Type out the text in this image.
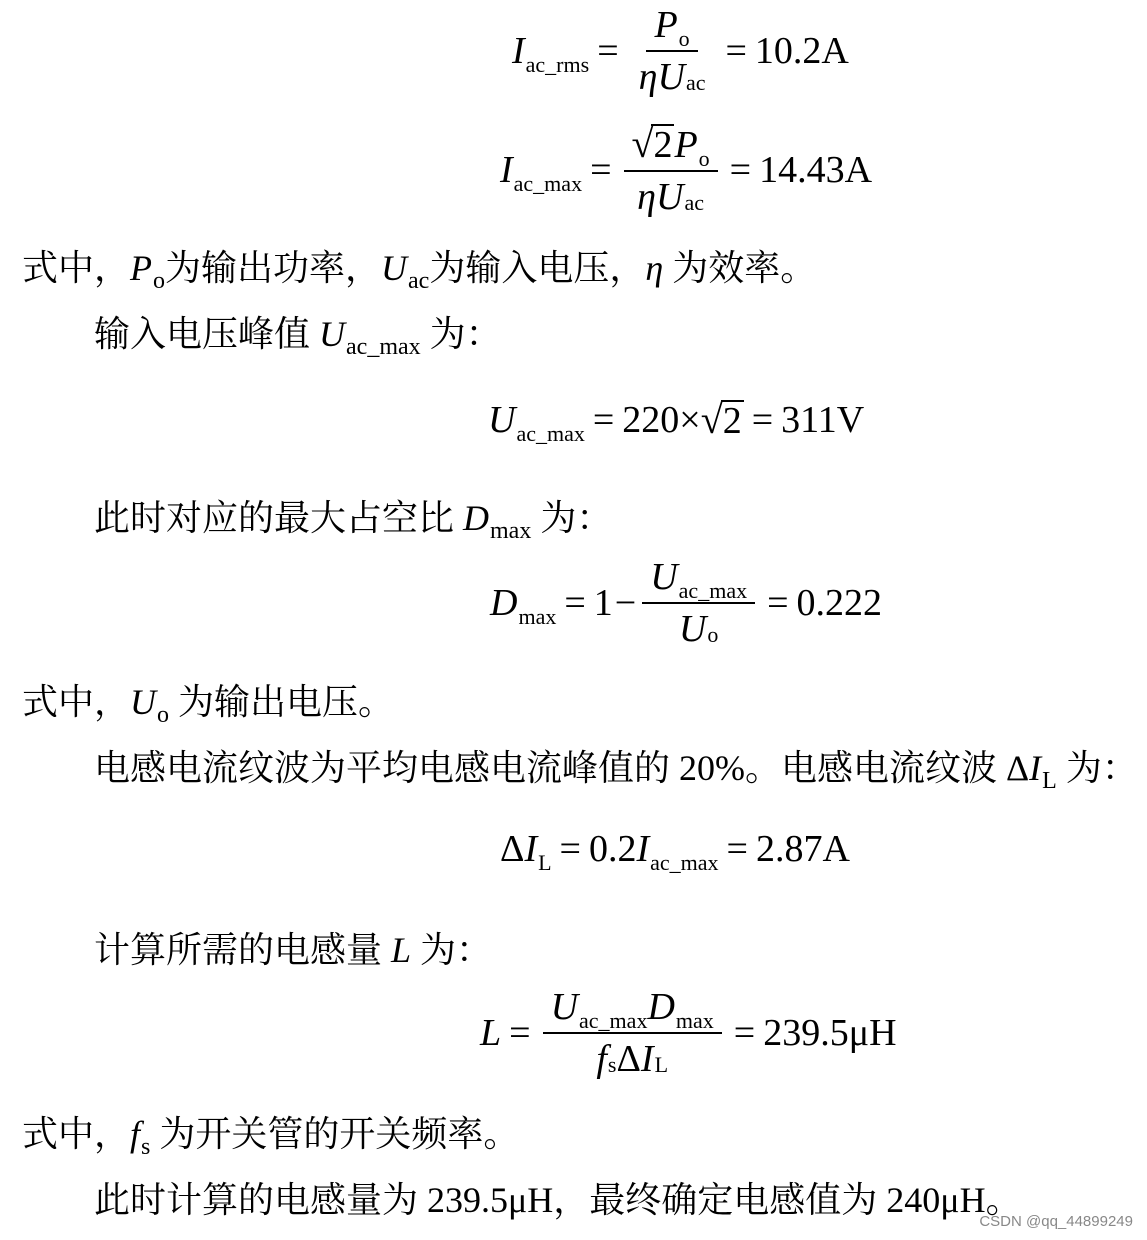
I ac_rms = $\frac{\text{P o}}{\text{η U ac}} = 10.2A$
I ac_max = $\frac{\text{√ 2 P o}}{\text{η U ac}} = 14.43A$
式中，$P_o$为输出功率，$U_{ac}$为输入电压，η 为效率。
输入电压峰值 $U_{ac\_max}$ 为：
U ac_max = 220 × √ 2 = 311V
此时对应的最大占空比 $D_{max}$ 为：
D $\max = 1 - \frac{\text{U ac\_max}}{\text{U o}} = 0.222$
式中，$U_o$ 为输出电压。
电感电流纹波为平均电感电流峰值的 20%。电感电流纹波 $\Delta I_L$ 为：
Δ I L = 0.2 I ac_max = 2.87A
计算所需的电感量 L 为：
$L = \frac{\text{U ac\_max D max}}{\text{f s Δ I L}} = 239.5\mu H$
式中，$f_s$ 为开关管的开关频率。
此时计算的电感量为 239.5μH，最终确定电感值为 240μH。
CSDN @qq_44899249
